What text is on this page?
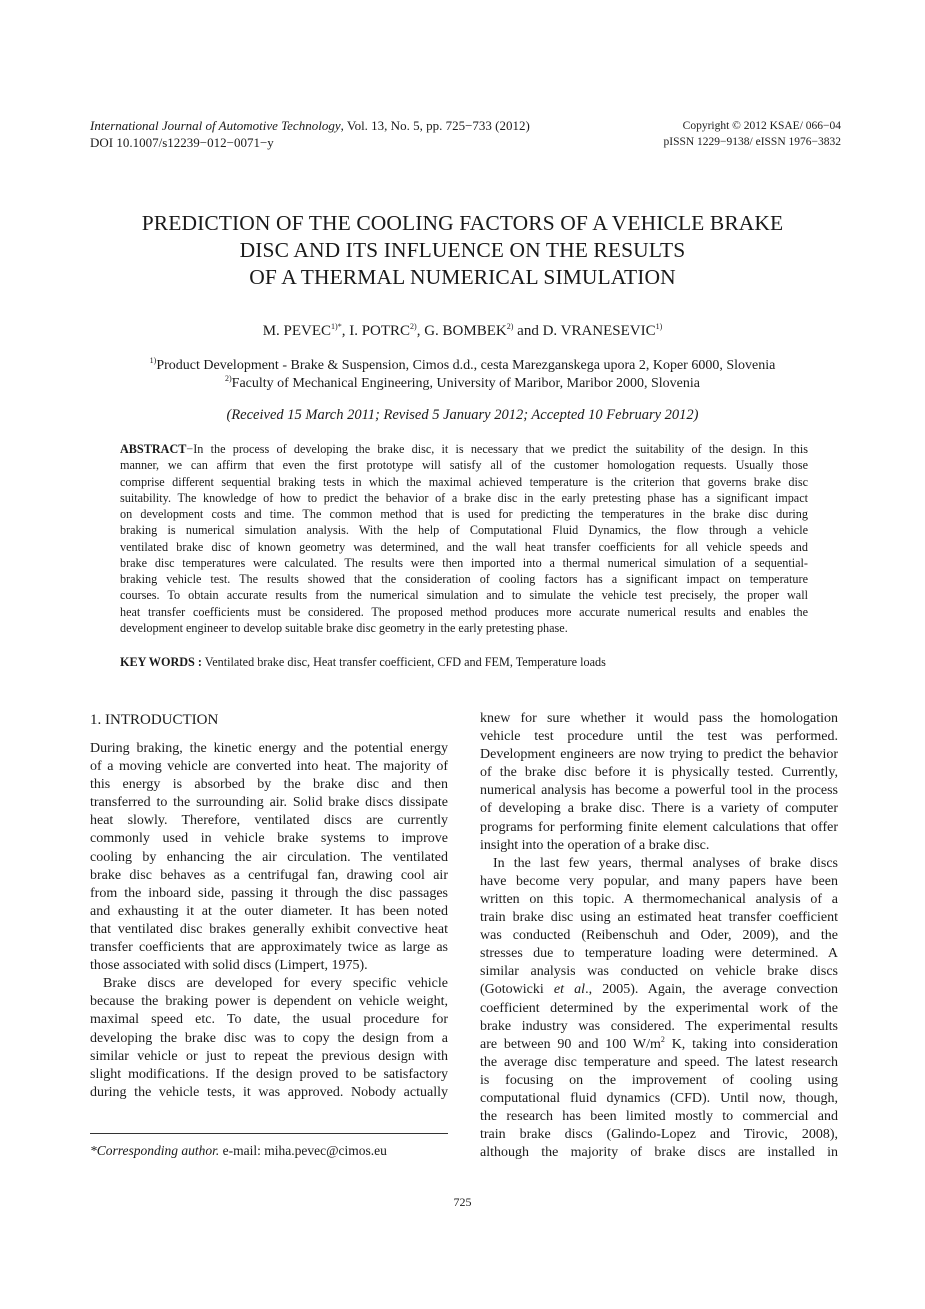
International Journal of Automotive Technology, Vol. 13, No. 5, pp. 725−733 (2012)
DOI 10.1007/s12239−012−0071−y
Copyright © 2012 KSAE/ 066−04
pISSN 1229−9138/ eISSN 1976−3832
PREDICTION OF THE COOLING FACTORS OF A VEHICLE BRAKE
DISC AND ITS INFLUENCE ON THE RESULTS
OF A THERMAL NUMERICAL SIMULATION
M. $PEVEC^{1)*}$, I. POTRC$^{2)}$, G. BOMBEK$^{2)}$ and D. VRANESEVIC$^{1)}$
$^{1)}$Product Development - Brake & Suspension, Cimos d.d., cesta Marezganskega upora 2, Koper 6000, Slovenia
$^{2)}$Faculty of Mechanical Engineering, University of Maribor, Maribor 2000, Slovenia
(Received 15 March 2011; Revised 5 January 2012; Accepted 10 February 2012)
ABSTRACT−In the process of developing the brake disc, it is necessary that we predict the suitability of the design. In this
manner, we can affirm that even the first prototype will satisfy all of the customer homologation requests. Usually those
comprise different sequential braking tests in which the maximal achieved temperature is the criterion that governs brake disc
suitability. The knowledge of how to predict the behavior of a brake disc in the early pretesting phase has a significant impact
on development costs and time. The common method that is used for predicting the temperatures in the brake disc during
braking is numerical simulation analysis. With the help of Computational Fluid Dynamics, the flow through a vehicle
ventilated brake disc of known geometry was determined, and the wall heat transfer coefficients for all vehicle speeds and
brake disc temperatures were calculated. The results were then imported into a thermal numerical simulation of a sequential-
braking vehicle test. The results showed that the consideration of cooling factors has a significant impact on temperature
courses. To obtain accurate results from the numerical simulation and to simulate the vehicle test precisely, the proper wall
heat transfer coefficients must be considered. The proposed method produces more accurate numerical results and enables the
development engineer to develop suitable brake disc geometry in the early pretesting phase.
KEY WORDS : Ventilated brake disc, Heat transfer coefficient, CFD and FEM, Temperature loads
1. INTRODUCTION
During braking, the kinetic energy and the potential energy
of a moving vehicle are converted into heat. The majority of
this energy is absorbed by the brake disc and then
transferred to the surrounding air. Solid brake discs dissipate
heat slowly. Therefore, ventilated discs are currently
commonly used in vehicle brake systems to improve
cooling by enhancing the air circulation. The ventilated
brake disc behaves as a centrifugal fan, drawing cool air
from the inboard side, passing it through the disc passages
and exhausting it at the outer diameter. It has been noted
that ventilated disc brakes generally exhibit convective heat
transfer coefficients that are approximately twice as large as
those associated with solid discs (Limpert, 1975).
Brake discs are developed for every specific vehicle
because the braking power is dependent on vehicle weight,
maximal speed etc. To date, the usual procedure for
developing the brake disc was to copy the design from a
similar vehicle or just to repeat the previous design with
slight modifications. If the design proved to be satisfactory
during the vehicle tests, it was approved. Nobody actually
knew for sure whether it would pass the homologation
vehicle test procedure until the test was performed.
Development engineers are now trying to predict the behavior
of the brake disc before it is physically tested. Currently,
numerical analysis has become a powerful tool in the process
of developing a brake disc. There is a variety of computer
programs for performing finite element calculations that offer
insight into the operation of a brake disc.
In the last few years, thermal analyses of brake discs
have become very popular, and many papers have been
written on this topic. A thermomechanical analysis of a
train brake disc using an estimated heat transfer coefficient
was conducted (Reibenschuh and Oder, 2009), and the
stresses due to temperature loading were determined. A
similar analysis was conducted on vehicle brake discs
(Gotowicki et al., 2005). Again, the average convection
coefficient determined by the experimental work of the
brake industry was considered. The experimental results
are between 90 and 100 $W/m^2$ K, taking into consideration
the average disc temperature and speed. The latest research
is focusing on the improvement of cooling using
computational fluid dynamics (CFD). Until now, though,
the research has been limited mostly to commercial and
train brake discs (Galindo-Lopez and Tirovic, 2008),
although the majority of brake discs are installed in
*Corresponding author. e-mail: miha.pevec@cimos.eu
725
